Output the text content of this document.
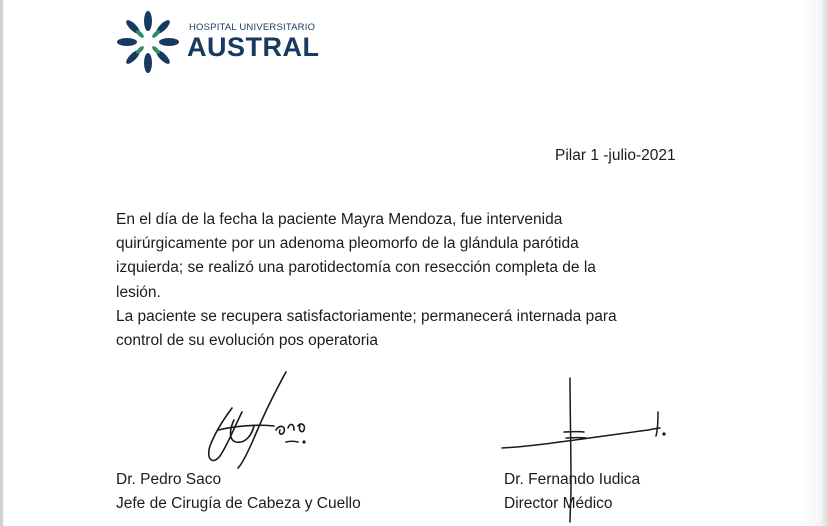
HOSPITAL UNIVERSITARIO
AUSTRAL
Pilar 1 -julio-2021

En el día de la fecha la paciente Mayra Mendoza, fue intervenida

quirúrgicamente por un adenoma pleomorfo de la glándula parótida

izquierda; se realizó una parotidectomía con resección completa de la

lesión.

La paciente se recupera satisfactoriamente; permanecerá internada para

control de su evolución pos operatoria

Dr. Pedro Saco
Jefe de Cirugía de Cabeza y Cuello
Dr. Fernando Iudica
Director Médico
